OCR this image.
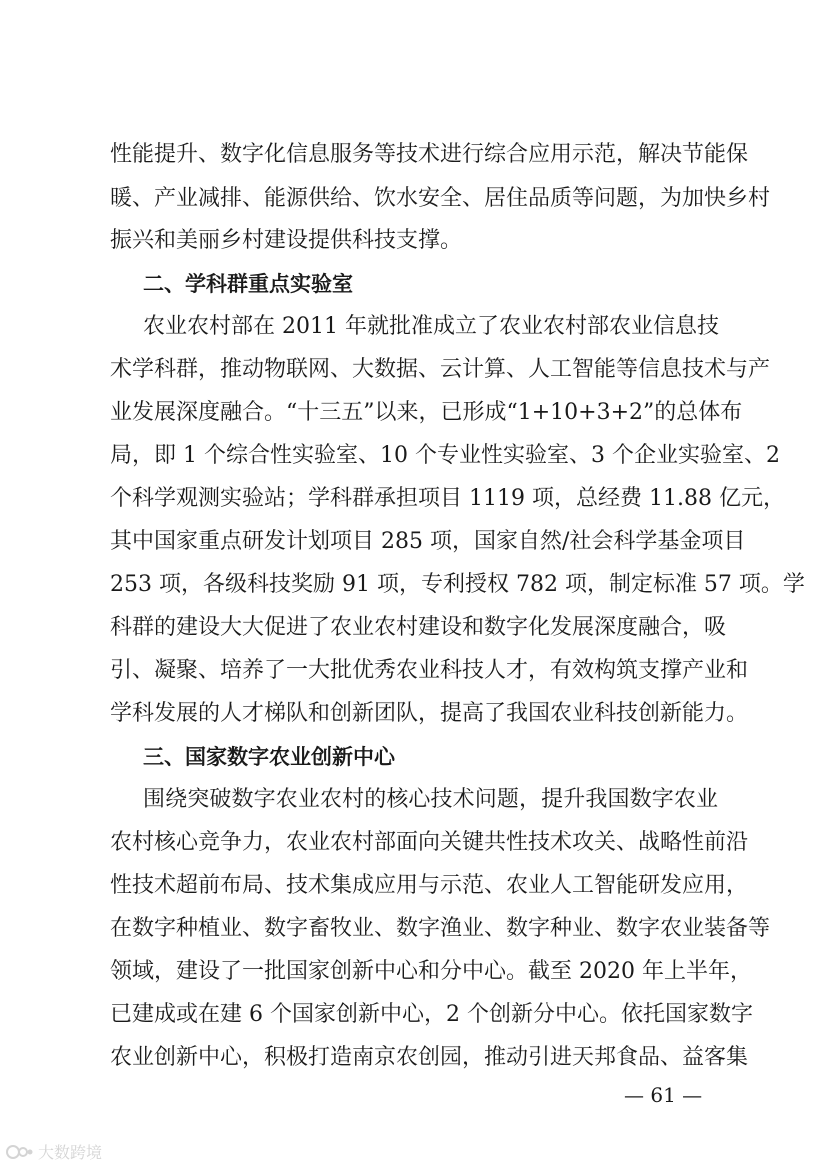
性能提升、数字化信息服务等技术进行综合应用示范，解决节能保
暖、产业减排、能源供给、饮水安全、居住品质等问题，为加快乡村
振兴和美丽乡村建设提供科技支撑。
二、学科群重点实验室
农业农村部在 2011 年就批准成立了农业农村部农业信息技
术学科群，推动物联网、大数据、云计算、人工智能等信息技术与产
业发展深度融合。“十三五”以来，已形成“1+10+3+2”的总体布
局，即 1 个综合性实验室、10 个专业性实验室、3 个企业实验室、2
个科学观测实验站；学科群承担项目 1119 项，总经费 11.88 亿元，
其中国家重点研发计划项目 285 项，国家自然/社会科学基金项目
253 项，各级科技奖励 91 项，专利授权 782 项，制定标准 57 项。学
科群的建设大大促进了农业农村建设和数字化发展深度融合，吸
引、凝聚、培养了一大批优秀农业科技人才，有效构筑支撑产业和
学科发展的人才梯队和创新团队，提高了我国农业科技创新能力。
三、国家数字农业创新中心
围绕突破数字农业农村的核心技术问题，提升我国数字农业
农村核心竞争力，农业农村部面向关键共性技术攻关、战略性前沿
性技术超前布局、技术集成应用与示范、农业人工智能研发应用，
在数字种植业、数字畜牧业、数字渔业、数字种业、数字农业装备等
领域，建设了一批国家创新中心和分中心。截至 2020 年上半年，
已建成或在建 6 个国家创新中心，2 个创新分中心。依托国家数字
农业创新中心，积极打造南京农创园，推动引进天邦食品、益客集
— 61 —
大数跨境
